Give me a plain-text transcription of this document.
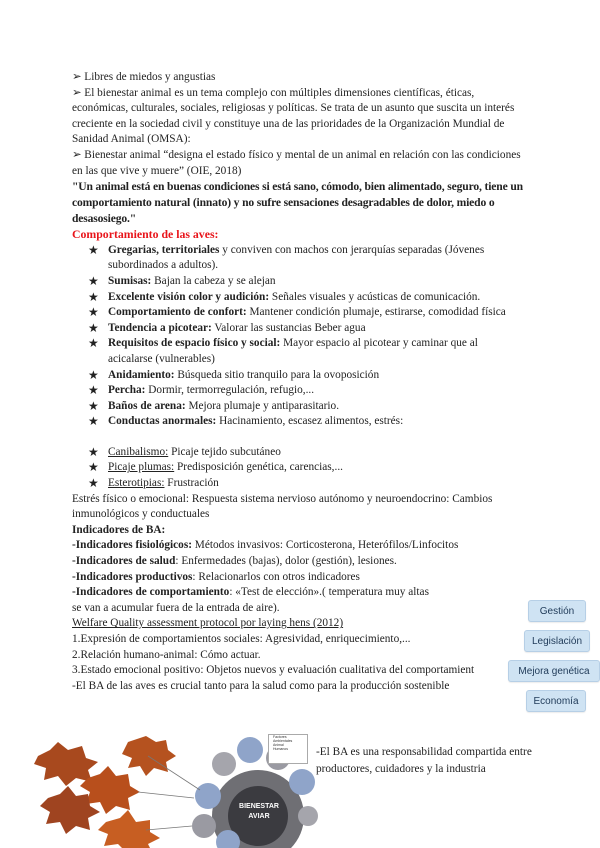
➢ Libres de miedos y angustias

➢ El bienestar animal es un tema complejo con múltiples dimensiones científicas, éticas, económicas, culturales, sociales, religiosas y políticas. Se trata de un asunto que suscita un interés creciente en la sociedad civil y constituye una de las prioridades de la Organización Mundial de Sanidad Animal (OMSA):

➢ Bienestar animal “designa el estado físico y mental de un animal en relación con las condiciones en las que vive y muere” (OIE, 2018)

"Un animal está en buenas condiciones si está sano, cómodo, bien alimentado, seguro, tiene un comportamiento natural (innato) y no sufre sensaciones desagradables de dolor, miedo o desasosiego."

Comportamiento de las aves:

★ Gregarias, territoriales y conviven con machos con jerarquías separadas (Jóvenes subordinados a adultos).
★ Sumisas: Bajan la cabeza y se alejan
★ Excelente visión color y audición: Señales visuales y acústicas de comunicación.
★ Comportamiento de confort: Mantener condición plumaje, estirarse, comodidad física
★ Tendencia a picotear: Valorar las sustancias Beber agua
★ Requisitos de espacio físico y social: Mayor espacio al picotear y caminar que al acicalarse (vulnerables)
★ Anidamiento: Búsqueda sitio tranquilo para la ovoposición
★ Percha: Dormir, termorregulación, refugio,...
★ Baños de arena: Mejora plumaje y antiparasitario.
★ Conductas anormales: Hacinamiento, escasez alimentos, estrés:
★ Canibalismo: Picaje tejido subcutáneo
★ Picaje plumas: Predisposición genética, carencias,...
★ Esterotipias: Frustración

Estrés físico o emocional: Respuesta sistema nervioso autónomo y neuroendocrino: Cambios inmunológicos y conductuales

Indicadores de BA:

-Indicadores fisiológicos: Métodos invasivos: Corticosterona, Heterófilos/Linfocitos

-Indicadores de salud: Enfermedades (bajas), dolor (gestión), lesiones.

-Indicadores productivos: Relacionarlos con otros indicadores

-Indicadores de comportamiento: «Test de elección».( temperatura muy altas

se van a acumular fuera de la entrada de aire).

Welfare Quality assessment protocol por laying hens (2012)

1.Expresión de comportamientos sociales: Agresividad, enriquecimiento,...

2.Relación humano-animal: Cómo actuar.

3.Estado emocional positivo: Objetos nuevos y evaluación cualitativa del comportamient

-El BA de las aves es crucial tanto para la salud como para la producción sostenible

Gestión
Legislación
Mejora genética
Economía
-El BA es una responsabilidad compartida entre productores, cuidadores y la industria
BIENESTAR
AVIAR
Factores
Ambientales
Animal
Humanos
